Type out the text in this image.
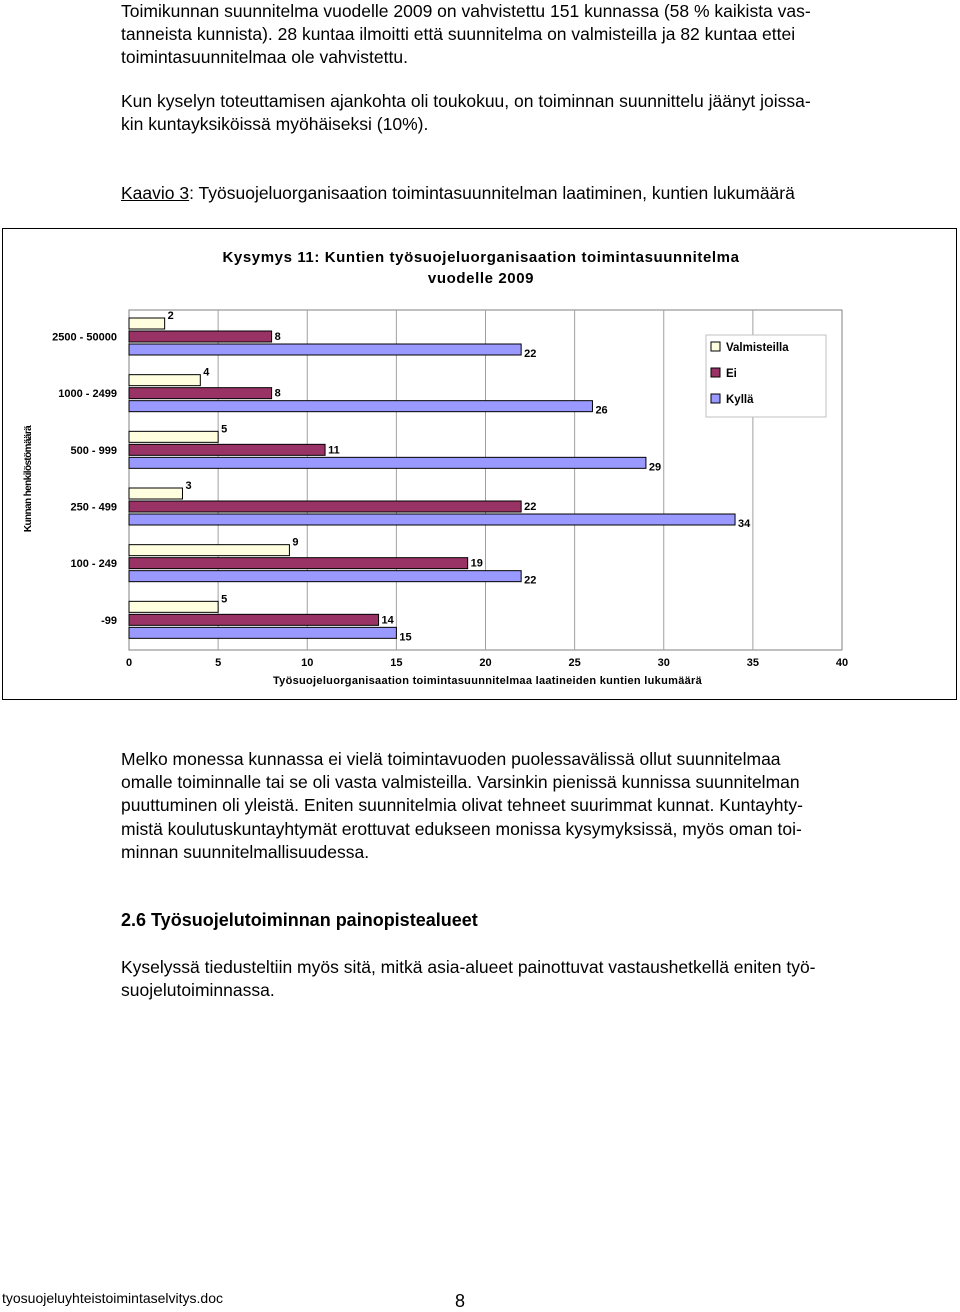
Toimikunnan suunnitelma vuodelle 2009 on vahvistettu 151 kunnassa (58 % kaikista vas-
tanneista kunnista). 28 kuntaa ilmoitti että suunnitelma on valmisteilla ja 82 kuntaa ettei
toimintasuunnitelmaa ole vahvistettu.

Kun kyselyn toteuttamisen ajankohta oli toukokuu, on toiminnan suunnittelu jäänyt joissa-
kin kuntayksiköissä myöhäiseksi (10%).

Kaavio 3: Työsuojeluorganisaation toimintasuunnitelman laatiminen, kuntien lukumäärä

Kysymys 11: Kuntien työsuojeluorganisaation toimintasuunnitelma
vuodelle 2009
0	5	10	15	20	25	30	35	40
Työsuojeluorganisaation toimintasuunnitelmaa laatineiden kuntien lukumäärä
Kunnan henkilöstömäärä
2500 - 50000
2
8
22
1000 - 2499
4
8
26
500 - 999
5
11
29
250 - 499
3
22
34
100 - 249
9
19
22
-99
5
14
15
Valmisteilla
Ei
Kyllä

Melko monessa kunnassa ei vielä toimintavuoden puolessavälissä ollut suunnitelmaa
omalle toiminnalle tai se oli vasta valmisteilla. Varsinkin pienissä kunnissa suunnitelman
puuttuminen oli yleistä. Eniten suunnitelmia olivat tehneet suurimmat kunnat. Kuntayhty-
mistä koulutuskuntayhtymät erottuvat edukseen monissa kysymyksissä, myös oman toi-
minnan suunnitelmallisuudessa.

2.6 Työsuojelutoiminnan painopistealueet

Kyselyssä tiedusteltiin myös sitä, mitkä asia-alueet painottuvat vastaushetkellä eniten työ-
suojelutoiminnassa.

tyosuojeluyhteistoimintaselvitys.doc	8
